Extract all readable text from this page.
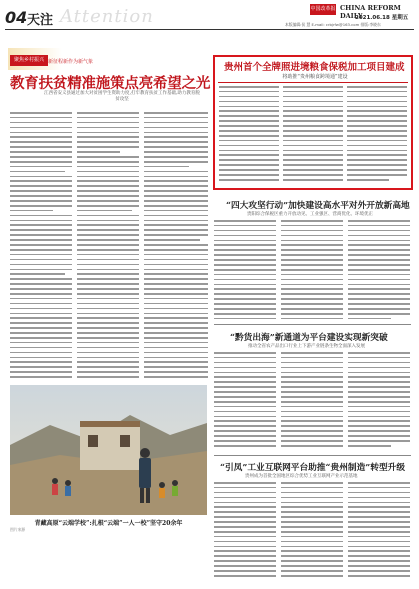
04 天注 Attention	中国改革报 CHINA REFORM DAILY
2021.06.18 星期五
本版编辑:侯 慧 E-mail: crbjrfw@163.com 排版:李晓东
聚焦乡村振兴 新征程新作为新气象
教育扶贫精准施策点亮希望之光
江西省安义县通过加大对贫困学生资助力度,打牢教育扶贫工作基础,助力教育脱贫攻坚
贵州首个全牌照进境粮食保税加工项目建成
将助推“贵州粮食跨境通”建设
“四大攻坚行动”加快建设高水平对外开放新高地
贵阳综合保税区重力开放动见、工业强区、营商优化、环境优正
“黔货出海”新通道为平台建设实现新突破
推动全省农产品出口行业上下游产业链条生物全面深入发展
“引凤”工业互联网平台助推“贵州制造”转型升级
贵州成为首批全国地区综合优势工业互联网产业示范基地
青藏高原“云端学校”:扎根“云端”一人一校”坚守20余年
图片来源
